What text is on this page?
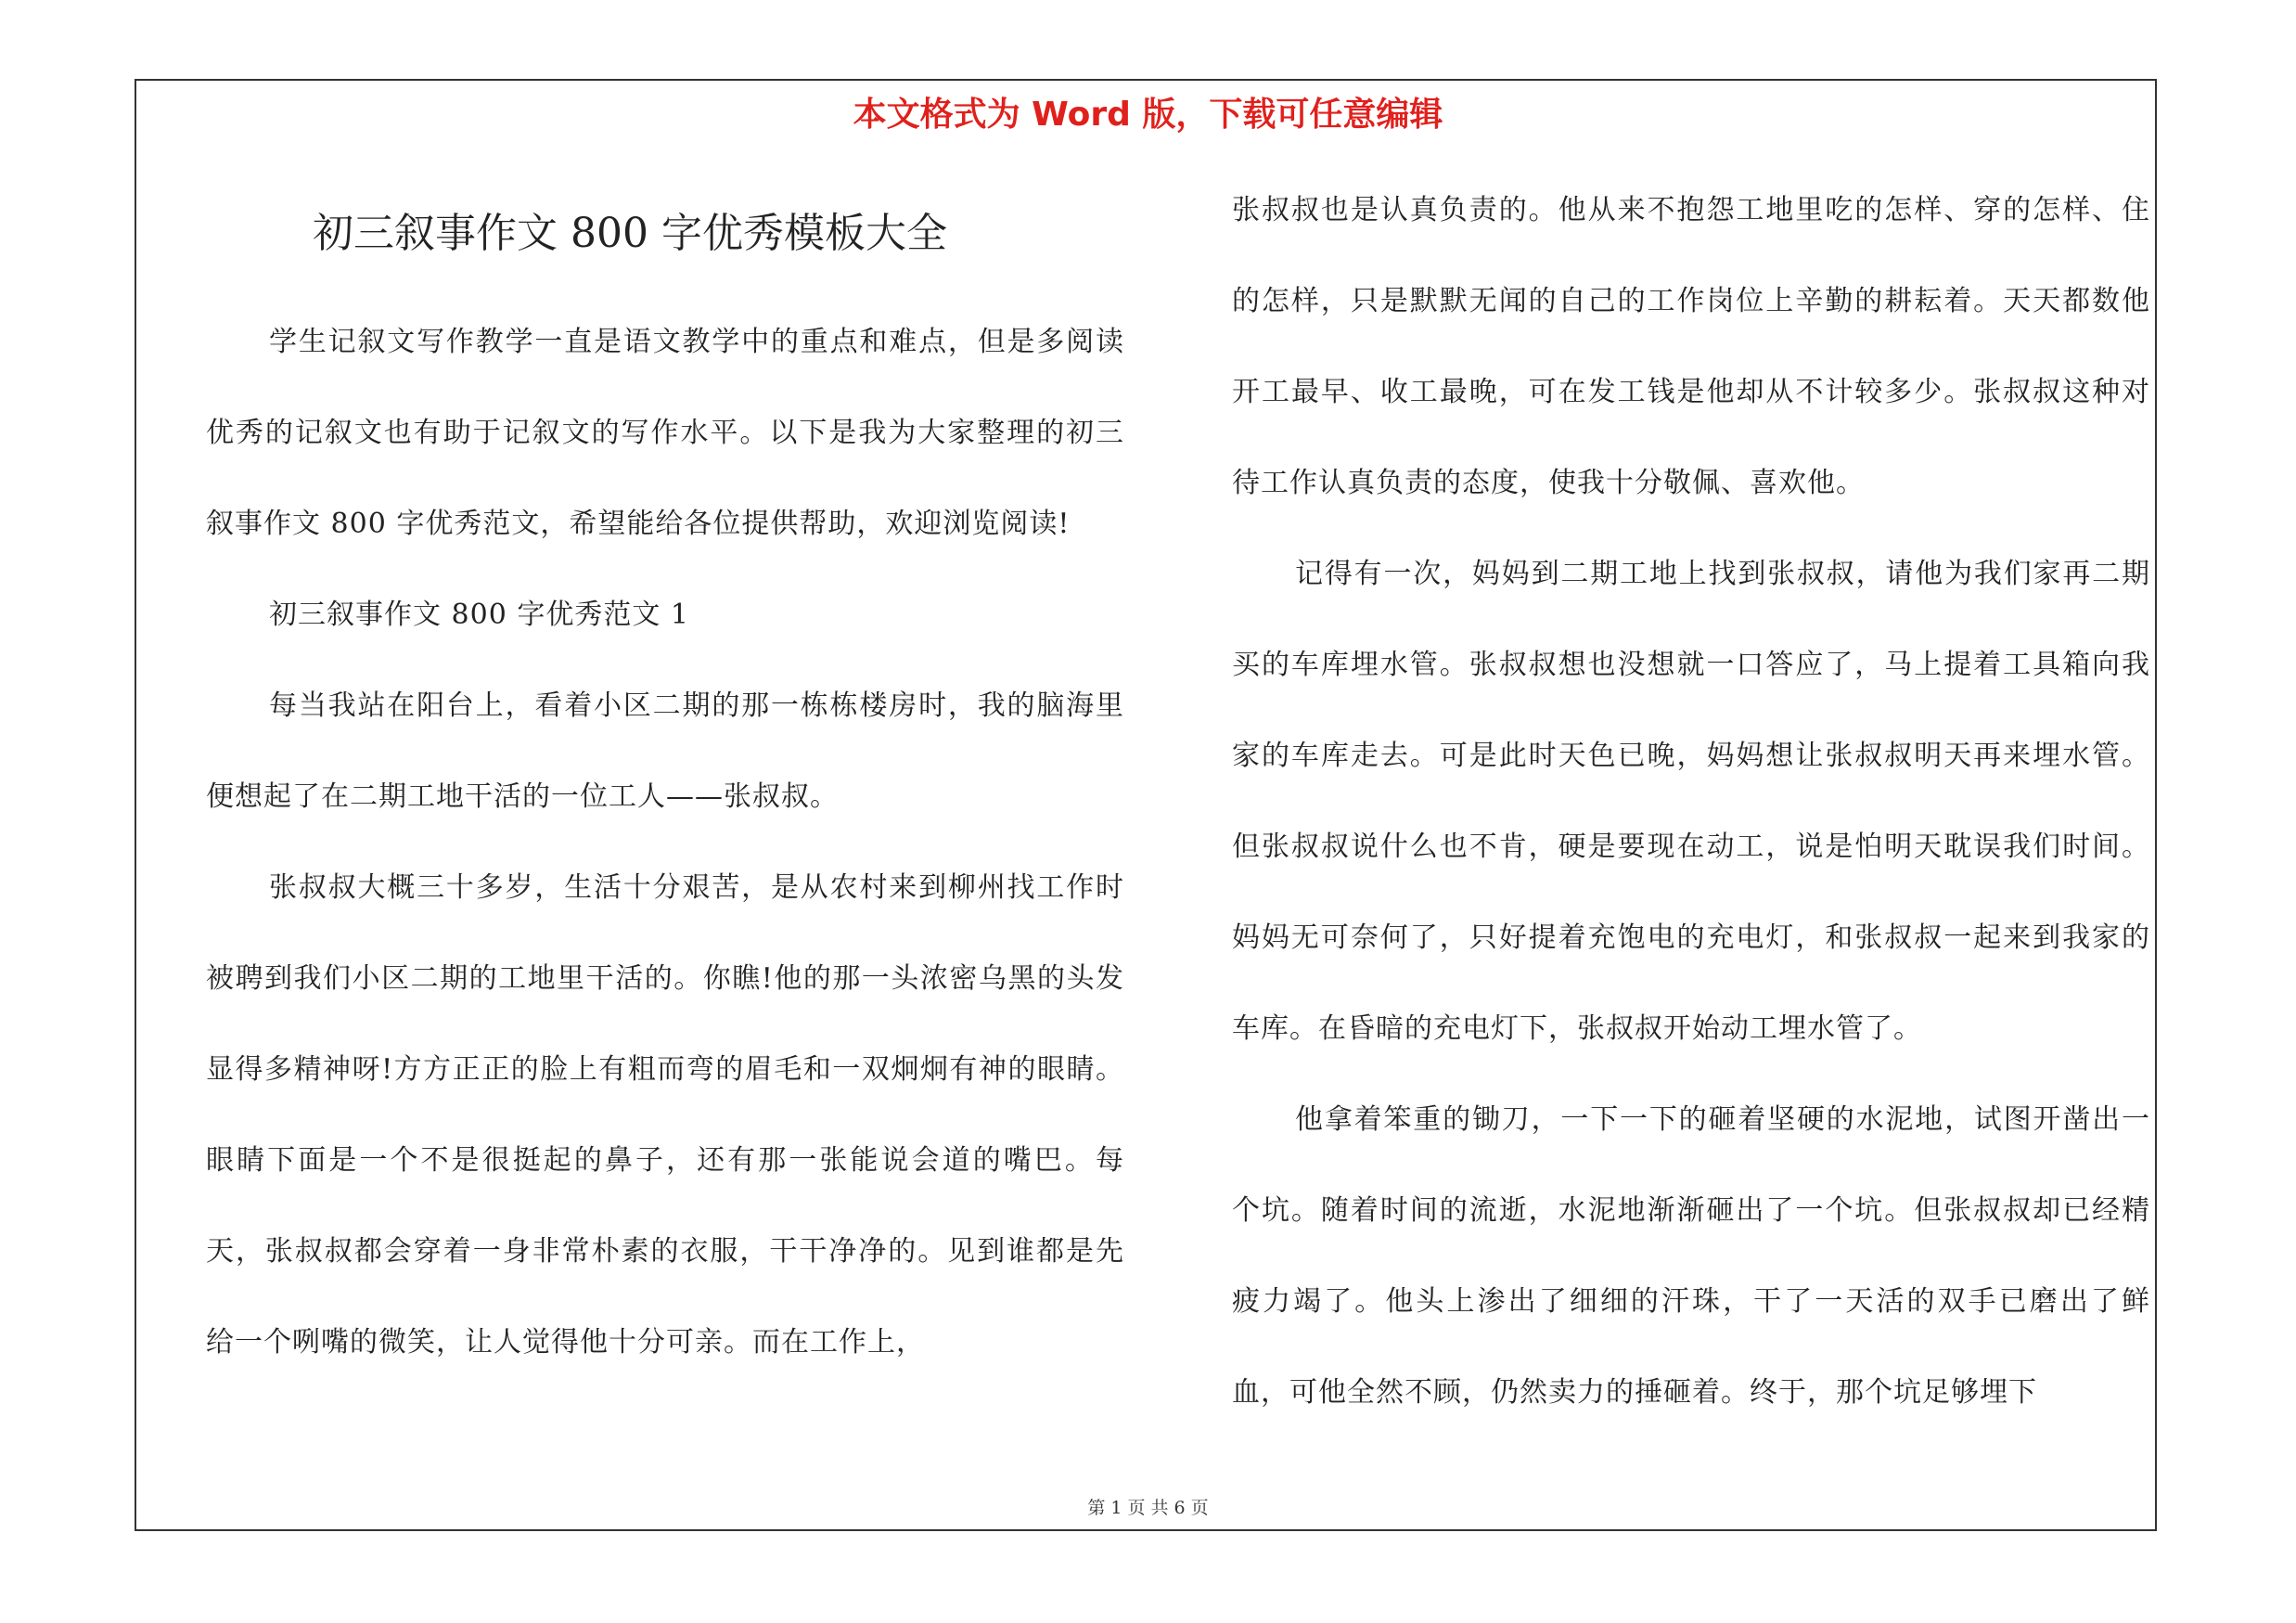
本文格式为 Word 版，下载可任意编辑
初三叙事作文 800 字优秀模板大全

学生记叙文写作教学一直是语文教学中的重点和难点，但是多阅读优秀的记叙文也有助于记叙文的写作水平。以下是我为大家整理的初三叙事作文 800 字优秀范文，希望能给各位提供帮助，欢迎浏览阅读!

初三叙事作文 800 字优秀范文 1

每当我站在阳台上，看着小区二期的那一栋栋楼房时，我的脑海里便想起了在二期工地干活的一位工人——张叔叔。

张叔叔大概三十多岁，生活十分艰苦，是从农村来到柳州找工作时被聘到我们小区二期的工地里干活的。你瞧!他的那一头浓密乌黑的头发显得多精神呀!方方正正的脸上有粗而弯的眉毛和一双炯炯有神的眼睛。眼睛下面是一个不是很挺起的鼻子，还有那一张能说会道的嘴巴。每天，张叔叔都会穿着一身非常朴素的衣服，干干净净的。见到谁都是先给一个咧嘴的微笑，让人觉得他十分可亲。而在工作上，

张叔叔也是认真负责的。他从来不抱怨工地里吃的怎样、穿的怎样、住的怎样，只是默默无闻的自己的工作岗位上辛勤的耕耘着。天天都数他开工最早、收工最晚，可在发工钱是他却从不计较多少。张叔叔这种对待工作认真负责的态度，使我十分敬佩、喜欢他。

记得有一次，妈妈到二期工地上找到张叔叔，请他为我们家再二期买的车库埋水管。张叔叔想也没想就一口答应了，马上提着工具箱向我家的车库走去。可是此时天色已晚，妈妈想让张叔叔明天再来埋水管。但张叔叔说什么也不肯，硬是要现在动工，说是怕明天耽误我们时间。妈妈无可奈何了，只好提着充饱电的充电灯，和张叔叔一起来到我家的车库。在昏暗的充电灯下，张叔叔开始动工埋水管了。

他拿着笨重的锄刀，一下一下的砸着坚硬的水泥地，试图开凿出一个坑。随着时间的流逝，水泥地渐渐砸出了一个坑。但张叔叔却已经精疲力竭了。他头上渗出了细细的汗珠，干了一天活的双手已磨出了鲜血，可他全然不顾，仍然卖力的捶砸着。终于，那个坑足够埋下

第 1 页 共 6 页
